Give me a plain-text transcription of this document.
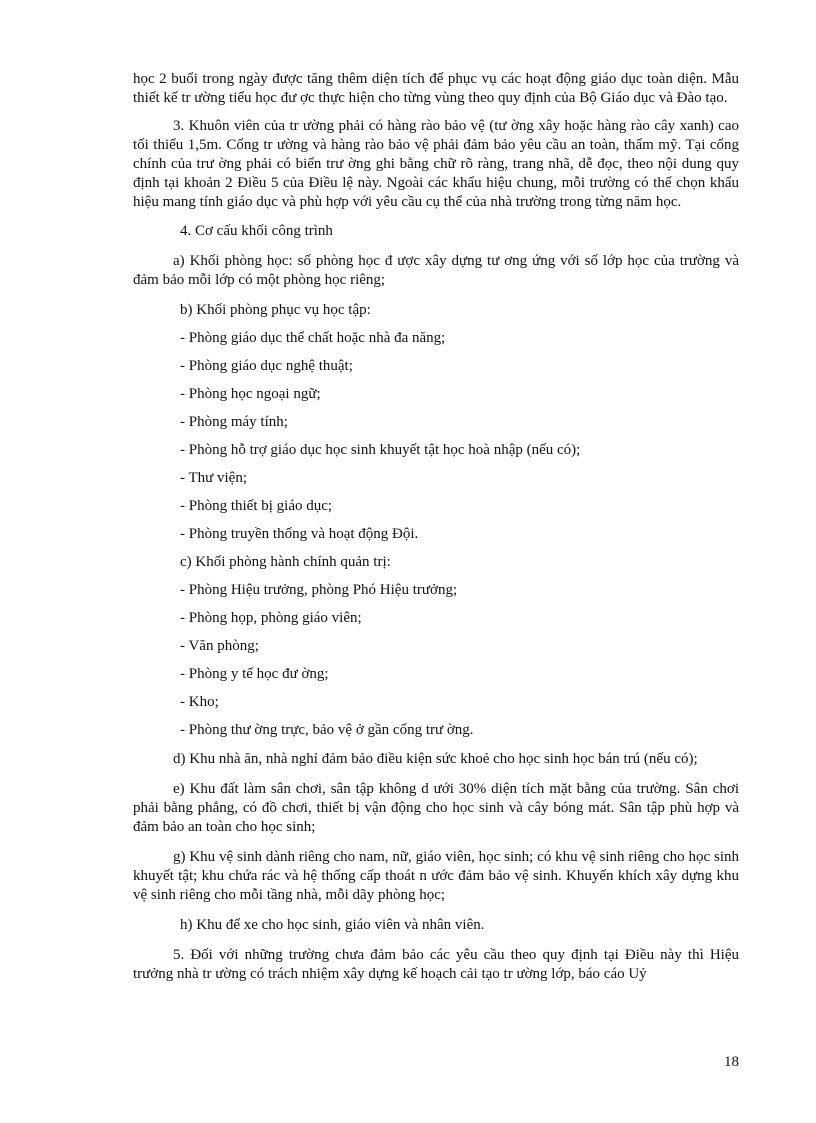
học 2 buổi trong ngày được tăng thêm diện tích để phục vụ các hoạt động giáo dục toàn diện. Mẫu thiết kế tr ường tiểu học đư ợc thực hiện cho từng vùng theo quy định của Bộ Giáo dục và Đào tạo.

3. Khuôn viên của tr ường phải có hàng rào bảo vệ (tư ờng xây hoặc hàng rào cây xanh) cao tối thiểu 1,5m. Cổng tr ường và hàng rào bảo vệ phải đảm bảo yêu cầu an toàn, thẩm mỹ. Tại cổng chính của trư ờng phải có biển trư ờng ghi bằng chữ rõ ràng, trang nhã, dễ đọc, theo nội dung quy định tại khoản 2 Điều 5 của Điều lệ này. Ngoài các khẩu hiệu chung, mỗi trường có thể chọn khẩu hiệu mang tính giáo dục và phù hợp với yêu cầu cụ thể của nhà trường trong từng năm học.

4. Cơ cấu khối công trình

a) Khối phòng học: số phòng học đ ược xây dựng tư ơng ứng với số lớp học của trường và đảm bảo mỗi lớp có một phòng học riêng;

b) Khối phòng phục vụ học tập:

- Phòng giáo dục thể chất hoặc nhà đa năng;

- Phòng giáo dục nghệ thuật;

- Phòng học ngoại ngữ;

- Phòng máy tính;

- Phòng hỗ trợ giáo dục học sinh khuyết tật học hoà nhập (nếu có);

- Thư viện;

- Phòng thiết bị giáo dục;

- Phòng truyền thống và hoạt động Đội.

c) Khối phòng hành chính quản trị:

- Phòng Hiệu trưởng, phòng Phó Hiệu trưởng;

- Phòng họp, phòng giáo viên;

- Văn phòng;

- Phòng y tế học đư ờng;

- Kho;

- Phòng thư ờng trực, bảo vệ ở gần cổng trư ờng.

d) Khu nhà ăn, nhà nghỉ đảm bảo điều kiện sức khoẻ cho học sinh học bán trú (nếu có);

e) Khu đất làm sân chơi, sân tập không d ưới 30% diện tích mặt bằng của trường. Sân chơi phải bằng phẳng, có đồ chơi, thiết bị vận động cho học sinh và cây bóng mát. Sân tập phù hợp và đảm bảo an toàn cho học sinh;

g) Khu vệ sinh dành riêng cho nam, nữ, giáo viên, học sinh; có khu vệ sinh riêng cho học sinh khuyết tật; khu chứa rác và hệ thống cấp thoát n ước đảm bảo vệ sinh. Khuyến khích xây dựng khu vệ sinh riêng cho mỗi tầng nhà, mỗi dãy phòng học;

h) Khu để xe cho học sinh, giáo viên và nhân viên.

5. Đối với những trường chưa đảm bảo các yêu cầu theo quy định tại Điều này thì Hiệu trưởng nhà tr ường có trách nhiệm xây dựng kế hoạch cải tạo tr ường lớp, báo cáo Uỷ

18
